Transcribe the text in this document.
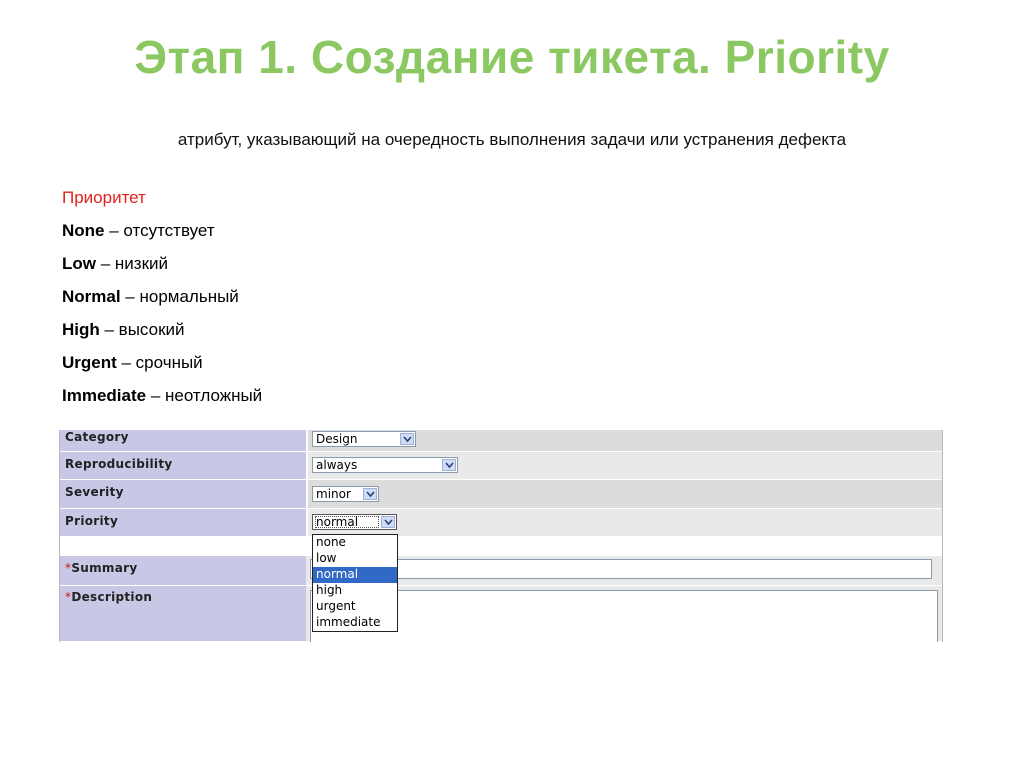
Этап 1. Создание тикета. Priority
атрибут, указывающий на очередность выполнения задачи или устранения дефекта
Приоритет
None – отсутствует
Low – низкий
Normal – нормальный
High – высокий
Urgent – срочный
Immediate – неотложный
Category	Design
Reproducibility	always
Severity	minor
Priority	normal
*Summary
*Description
none
low
normal
high
urgent
immediate
